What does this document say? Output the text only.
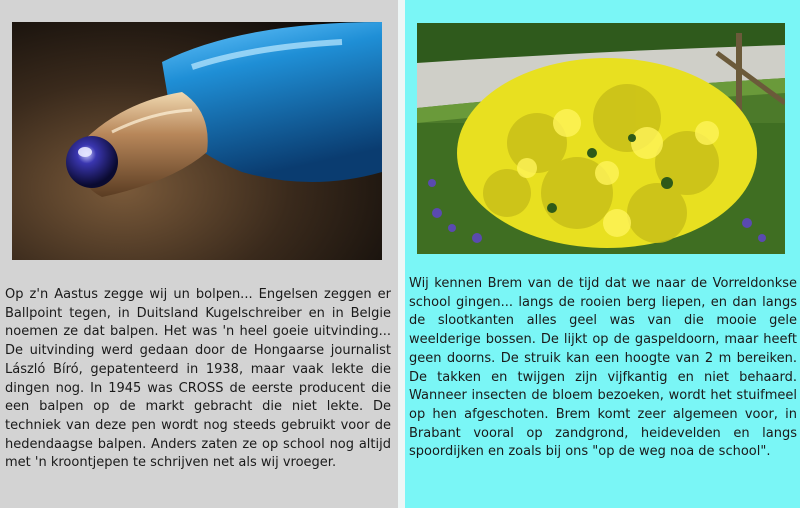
Op z'n Aastus zegge wij un bolpen... Engelsen zeggen er Ballpoint tegen, in Duitsland Kugelschreiber en in Belgie noemen ze dat balpen. Het was 'n heel goeie uitvinding... De uitvinding werd gedaan door de Hongaarse journalist László Bíró, gepatenteerd in 1938, maar vaak lekte die dingen nog. In 1945 was CROSS de eerste producent die een balpen op de markt gebracht die niet lekte. De techniek van deze pen wordt nog steeds gebruikt voor de hedendaagse balpen. Anders zaten ze op school nog altijd met 'n kroontjepen te schrijven net als wij vroeger.
Wij kennen Brem van de tijd dat we naar de Vorreldonkse school gingen... langs de rooien berg liepen, en dan langs de slootkanten alles geel was van die mooie gele weelderige bossen. De lijkt op de gaspeldoorn, maar heeft geen doorns. De struik kan een hoogte van 2 m bereiken. De takken en twijgen zijn vijfkantig en niet behaard. Wanneer insecten de bloem bezoeken, wordt het stuifmeel op hen afgeschoten. Brem komt zeer algemeen voor, in Brabant vooral op zandgrond, heidevelden en langs spoordijken en zoals bij ons "op de weg noa de school".
